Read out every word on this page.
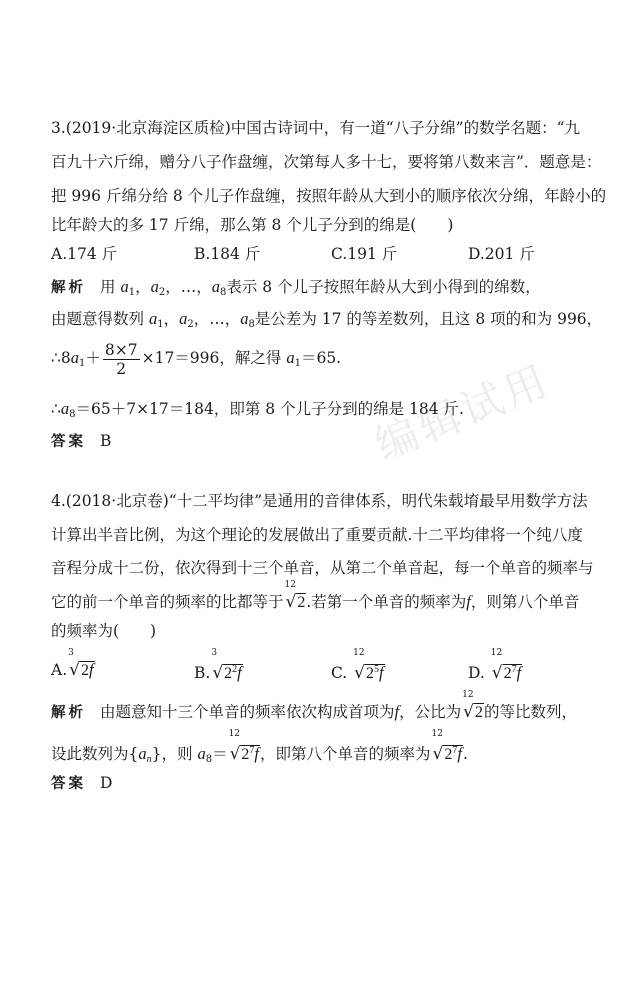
编辑试用
3.(2019·北京海淀区质检)中国古诗词中，有一道“八子分绵”的数学名题：“九
百九十六斤绵，赠分八子作盘缠，次第每人多十七，要将第八数来言”．题意是：
把 996 斤绵分给 8 个儿子作盘缠，按照年龄从大到小的顺序依次分绵，年龄小的
比年龄大的多 17 斤绵，那么第 8 个儿子分到的绵是(　　)
A.174 斤	B.184 斤	C.191 斤	D.201 斤
解析 用 $a_1$，$a_2$，…，$a_8$表示 8 个儿子按照年龄从大到小得到的绵数，
由题意得数列 $a_1$，$a_2$，…，$a_8$是公差为 17 的等差数列，且这 8 项的和为 996，
$\therefore 8a_1+ \frac{8\times 7}{2} \times 17=996$，解之得 $a_1=65$.
$\therefore a_8=65+7\times 17=184$，即第 8 个儿子分到的绵是 184 斤.
答案 B
4.(2018·北京卷)“十二平均律”是通用的音律体系，明代朱载堉最早用数学方法
计算出半音比例，为这个理论的发展做出了重要贡献.十二平均律将一个纯八度
音程分成十二份，依次得到十三个单音，从第二个单音起，每一个单音的频率与
它的前一个单音的频率的比都等于
12
√2.若第一个单音的频率为f，则第八个单音
的频率为(　　)
A.
3
√2f	B.
3
$√2^2f$	C.
12
$√2^5f$	D.
12
$√2^7f$
解析 由题意知十三个单音的频率依次构成首项为f，公比为
12
√2的等比数列，
设此数列为$\{a_n\}$，则 $a_8=$
12
$√2^7f$，即第八个单音的频率为
12
$√2^7f$.
答案 D
